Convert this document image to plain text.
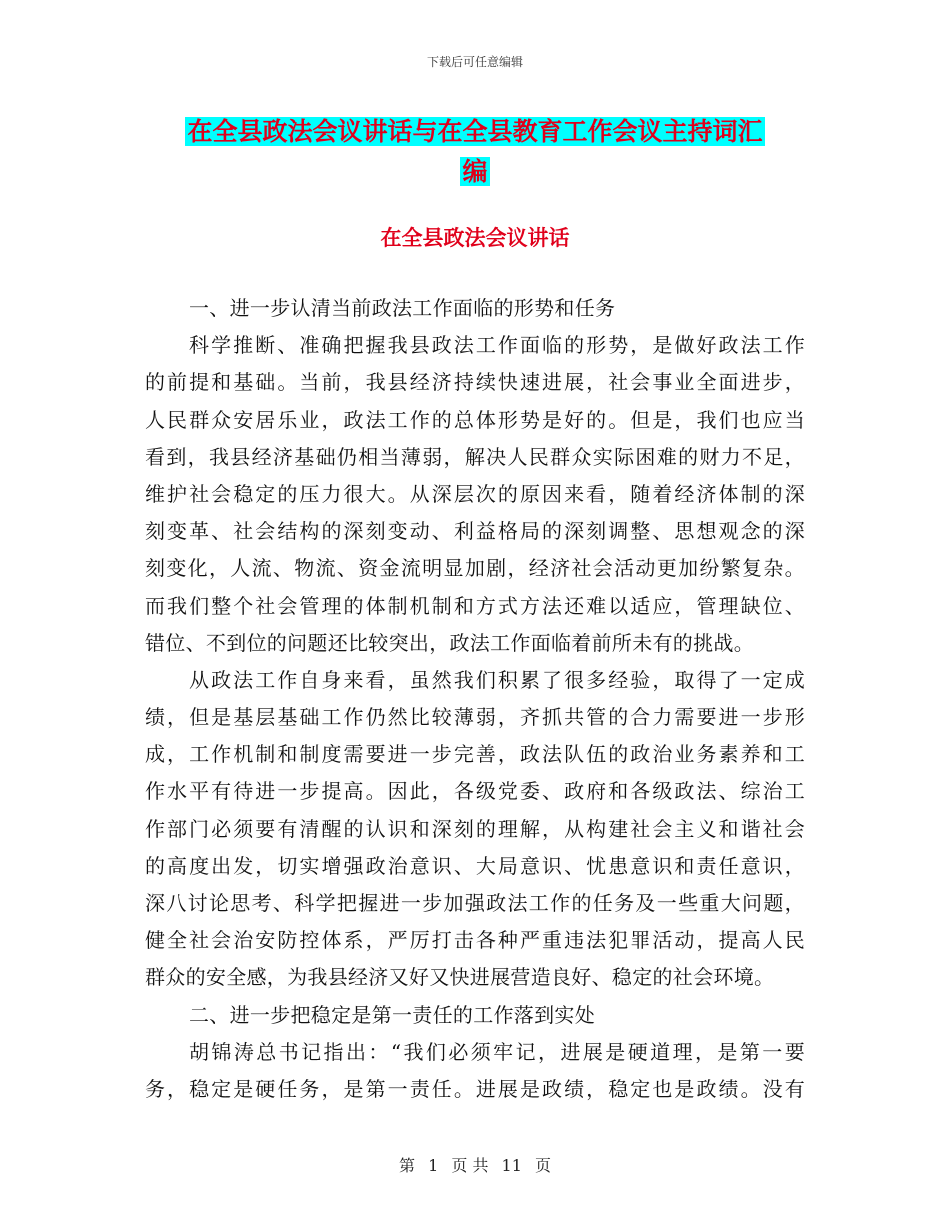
下载后可任意编辑
在全县政法会议讲话与在全县教育工作会议主持词汇
编
在全县政法会议讲话
一、进一步认清当前政法工作面临的形势和任务
科学推断、准确把握我县政法工作面临的形势，是做好政法工作
的前提和基础。当前，我县经济持续快速进展，社会事业全面进步，
人民群众安居乐业，政法工作的总体形势是好的。但是，我们也应当
看到，我县经济基础仍相当薄弱，解决人民群众实际困难的财力不足，
维护社会稳定的压力很大。从深层次的原因来看，随着经济体制的深
刻变革、社会结构的深刻变动、利益格局的深刻调整、思想观念的深
刻变化，人流、物流、资金流明显加剧，经济社会活动更加纷繁复杂。
而我们整个社会管理的体制机制和方式方法还难以适应，管理缺位、
错位、不到位的问题还比较突出，政法工作面临着前所未有的挑战。
从政法工作自身来看，虽然我们积累了很多经验，取得了一定成
绩，但是基层基础工作仍然比较薄弱，齐抓共管的合力需要进一步形
成，工作机制和制度需要进一步完善，政法队伍的政治业务素养和工
作水平有待进一步提高。因此，各级党委、政府和各级政法、综治工
作部门必须要有清醒的认识和深刻的理解，从构建社会主义和谐社会
的高度出发，切实增强政治意识、大局意识、忧患意识和责任意识，
深八讨论思考、科学把握进一步加强政法工作的任务及一些重大问题，
健全社会治安防控体系，严厉打击各种严重违法犯罪活动，提高人民
群众的安全感，为我县经济又好又快进展营造良好、稳定的社会环境。
二、进一步把稳定是第一责任的工作落到实处
胡锦涛总书记指出：“我们必须牢记，进展是硬道理，是第一要
务，稳定是硬任务，是第一责任。进展是政绩，稳定也是政绩。没有
第 1 页 共 11 页
